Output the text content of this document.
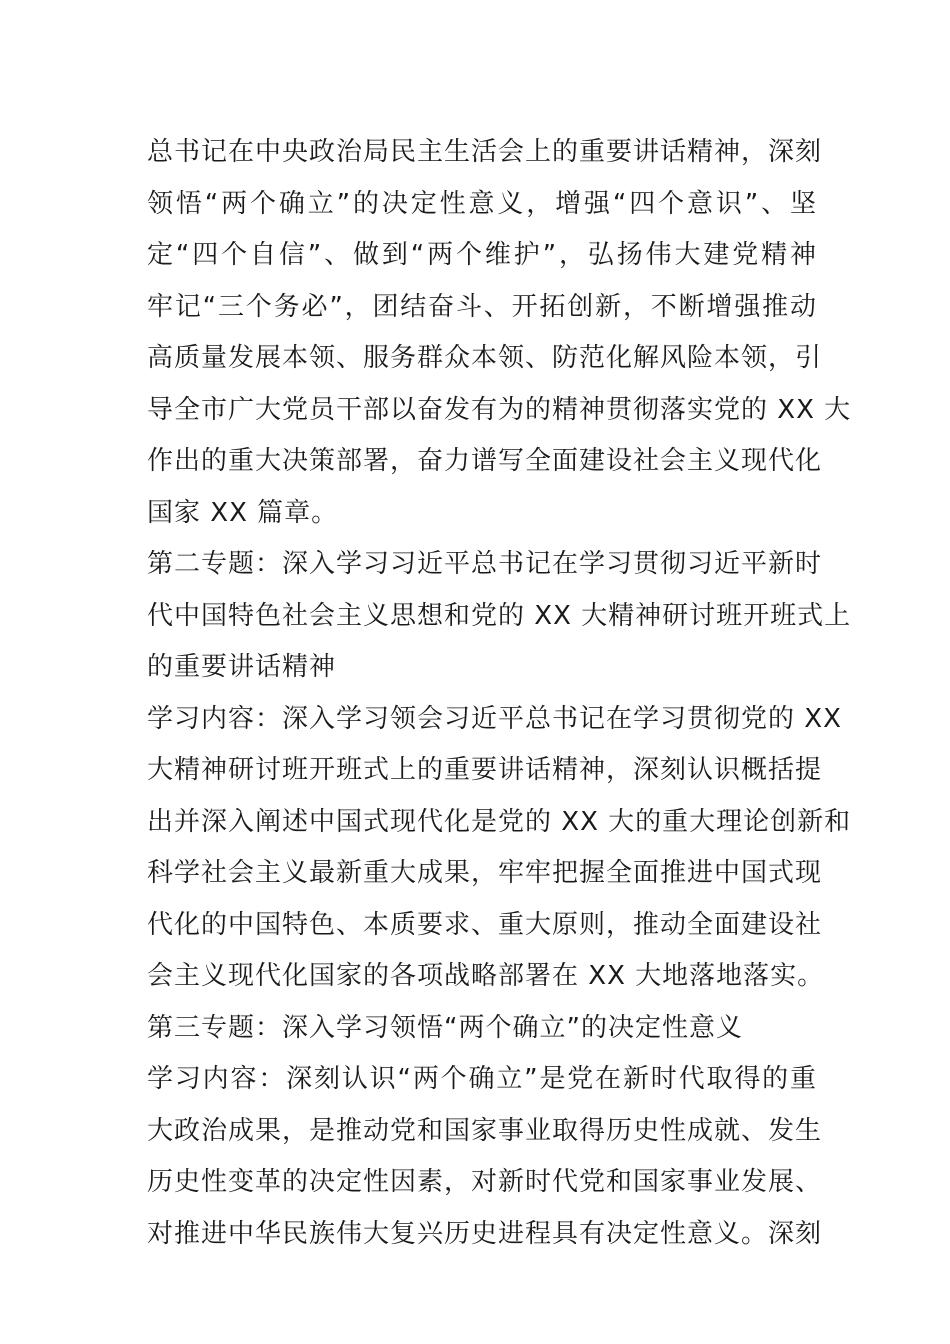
总书记在中央政治局民主生活会上的重要讲话精神，深刻
领悟“两个确立”的决定性意义，增强“四个意识”、坚
定“四个自信”、做到“两个维护”，弘扬伟大建党精神
牢记“三个务必”，团结奋斗、开拓创新，不断增强推动
高质量发展本领、服务群众本领、防范化解风险本领，引
导全市广大党员干部以奋发有为的精神贯彻落实党的 XX 大
作出的重大决策部署，奋力谱写全面建设社会主义现代化
国家 XX 篇章。
第二专题：深入学习习近平总书记在学习贯彻习近平新时
代中国特色社会主义思想和党的 XX 大精神研讨班开班式上
的重要讲话精神
学习内容：深入学习领会习近平总书记在学习贯彻党的 XX
大精神研讨班开班式上的重要讲话精神，深刻认识概括提
出并深入阐述中国式现代化是党的 XX 大的重大理论创新和
科学社会主义最新重大成果，牢牢把握全面推进中国式现
代化的中国特色、本质要求、重大原则，推动全面建设社
会主义现代化国家的各项战略部署在 XX 大地落地落实。
第三专题：深入学习领悟“两个确立”的决定性意义
学习内容：深刻认识“两个确立”是党在新时代取得的重
大政治成果，是推动党和国家事业取得历史性成就、发生
历史性变革的决定性因素，对新时代党和国家事业发展、
对推进中华民族伟大复兴历史进程具有决定性意义。深刻
